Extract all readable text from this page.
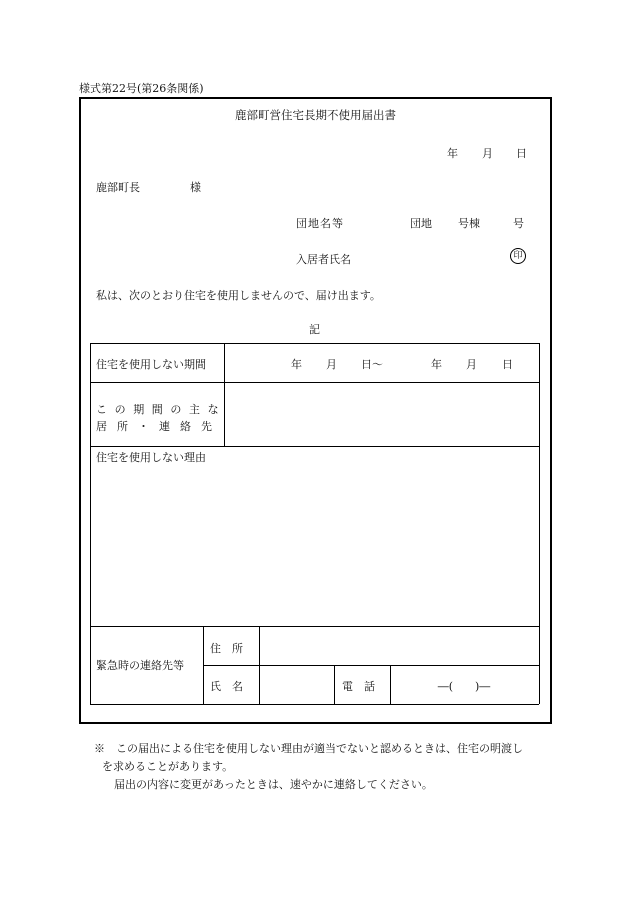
様式第22号(第26条関係)
鹿部町営住宅長期不使用届出書
年 月 日
鹿部町長	様
団地名等	団地 号棟	号
入居者氏名	印
私は、次のとおり住宅を使用しませんので、届け出ます。
記
住宅を使用しない期間	年 月 日～	年 月 日
この期間の主な
居所・連絡先
住宅を使用しない理由
緊急時の連絡先等
住　所
氏　名	電　話	―(　　)―
※　この届出による住宅を使用しない理由が適当でないと認めるときは、住宅の明渡し
を求めることがあります。
届出の内容に変更があったときは、速やかに連絡してください。
